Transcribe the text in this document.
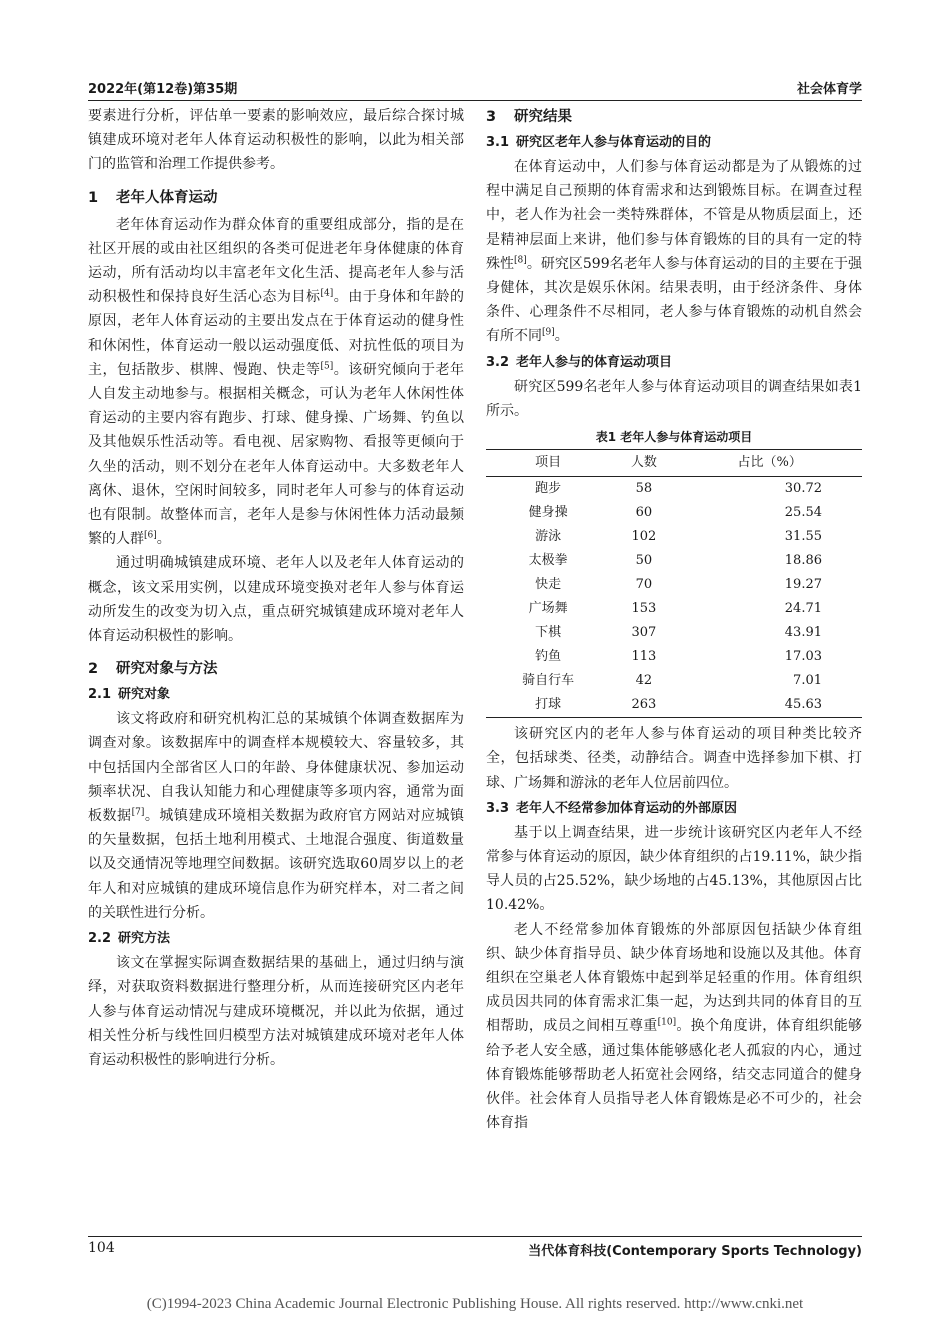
2022年(第12卷)第35期	社会体育学

要素进行分析，评估单一要素的影响效应，最后综合探讨城镇建成环境对老年人体育运动积极性的影响，以此为相关部门的监管和治理工作提供参考。

1 老年人体育运动

老年体育运动作为群众体育的重要组成部分，指的是在社区开展的或由社区组织的各类可促进老年身体健康的体育运动，所有活动均以丰富老年文化生活、提高老年人参与活动积极性和保持良好生活心态为目标[4]。由于身体和年龄的原因，老年人体育运动的主要出发点在于体育运动的健身性和休闲性，体育运动一般以运动强度低、对抗性低的项目为主，包括散步、棋牌、慢跑、快走等[5]。该研究倾向于老年人自发主动地参与。根据相关概念，可认为老年人休闲性体育运动的主要内容有跑步、打球、健身操、广场舞、钓鱼以及其他娱乐性活动等。看电视、居家购物、看报等更倾向于久坐的活动，则不划分在老年人体育运动中。大多数老年人离休、退休，空闲时间较多，同时老年人可参与的体育运动也有限制。故整体而言，老年人是参与休闲性体力活动最频繁的人群[6]。

通过明确城镇建成环境、老年人以及老年人体育运动的概念，该文采用实例，以建成环境变换对老年人参与体育运动所发生的改变为切入点，重点研究城镇建成环境对老年人体育运动积极性的影响。

2 研究对象与方法
2.1 研究对象

该文将政府和研究机构汇总的某城镇个体调查数据库为调查对象。该数据库中的调查样本规模较大、容量较多，其中包括国内全部省区人口的年龄、身体健康状况、参加运动频率状况、自我认知能力和心理健康等多项内容，通常为面板数据[7]。城镇建成环境相关数据为政府官方网站对应城镇的矢量数据，包括土地利用模式、土地混合强度、街道数量以及交通情况等地理空间数据。该研究选取60周岁以上的老年人和对应城镇的建成环境信息作为研究样本，对二者之间的关联性进行分析。

2.2 研究方法

该文在掌握实际调查数据结果的基础上，通过归纳与演绎，对获取资料数据进行整理分析，从而连接研究区内老年人参与体育运动情况与建成环境概况，并以此为依据，通过相关性分析与线性回归模型方法对城镇建成环境对老年人体育运动积极性的影响进行分析。

3 研究结果
3.1 研究区老年人参与体育运动的目的

在体育运动中，人们参与体育运动都是为了从锻炼的过程中满足自己预期的体育需求和达到锻炼目标。在调查过程中，老人作为社会一类特殊群体，不管是从物质层面上，还是精神层面上来讲，他们参与体育锻炼的目的具有一定的特殊性[8]。研究区599名老年人参与体育运动的目的主要在于强身健体，其次是娱乐休闲。结果表明，由于经济条件、身体条件、心理条件不尽相同，老人参与体育锻炼的动机自然会有所不同[9]。

3.2 老年人参与的体育运动项目

研究区599名老年人参与体育运动项目的调查结果如表1所示。

表1 老年人参与体育运动项目
项目	人数	占比（%）
跑步	58	30.72
健身操	60	25.54
游泳	102	31.55
太极拳	50	18.86
快走	70	19.27
广场舞	153	24.71
下棋	307	43.91
钓鱼	113	17.03
骑自行车	42	7.01
打球	263	45.63

该研究区内的老年人参与体育运动的项目种类比较齐全，包括球类、径类，动静结合。调查中选择参加下棋、打球、广场舞和游泳的老年人位居前四位。

3.3 老年人不经常参加体育运动的外部原因

基于以上调查结果，进一步统计该研究区内老年人不经常参与体育运动的原因，缺少体育组织的占19.11%，缺少指导人员的占25.52%，缺少场地的占45.13%，其他原因占比10.42%。

老人不经常参加体育锻炼的外部原因包括缺少体育组织、缺少体育指导员、缺少体育场地和设施以及其他。体育组织在空巢老人体育锻炼中起到举足轻重的作用。体育组织成员因共同的体育需求汇集一起，为达到共同的体育目的互相帮助，成员之间相互尊重[10]。换个角度讲，体育组织能够给予老人安全感，通过集体能够感化老人孤寂的内心，通过体育锻炼能够帮助老人拓宽社会网络，结交志同道合的健身伙伴。社会体育人员指导老人体育锻炼是必不可少的，社会体育指

104	当代体育科技(Contemporary Sports Technology)
(C)1994-2023 China Academic Journal Electronic Publishing House. All rights reserved. http://www.cnki.net
